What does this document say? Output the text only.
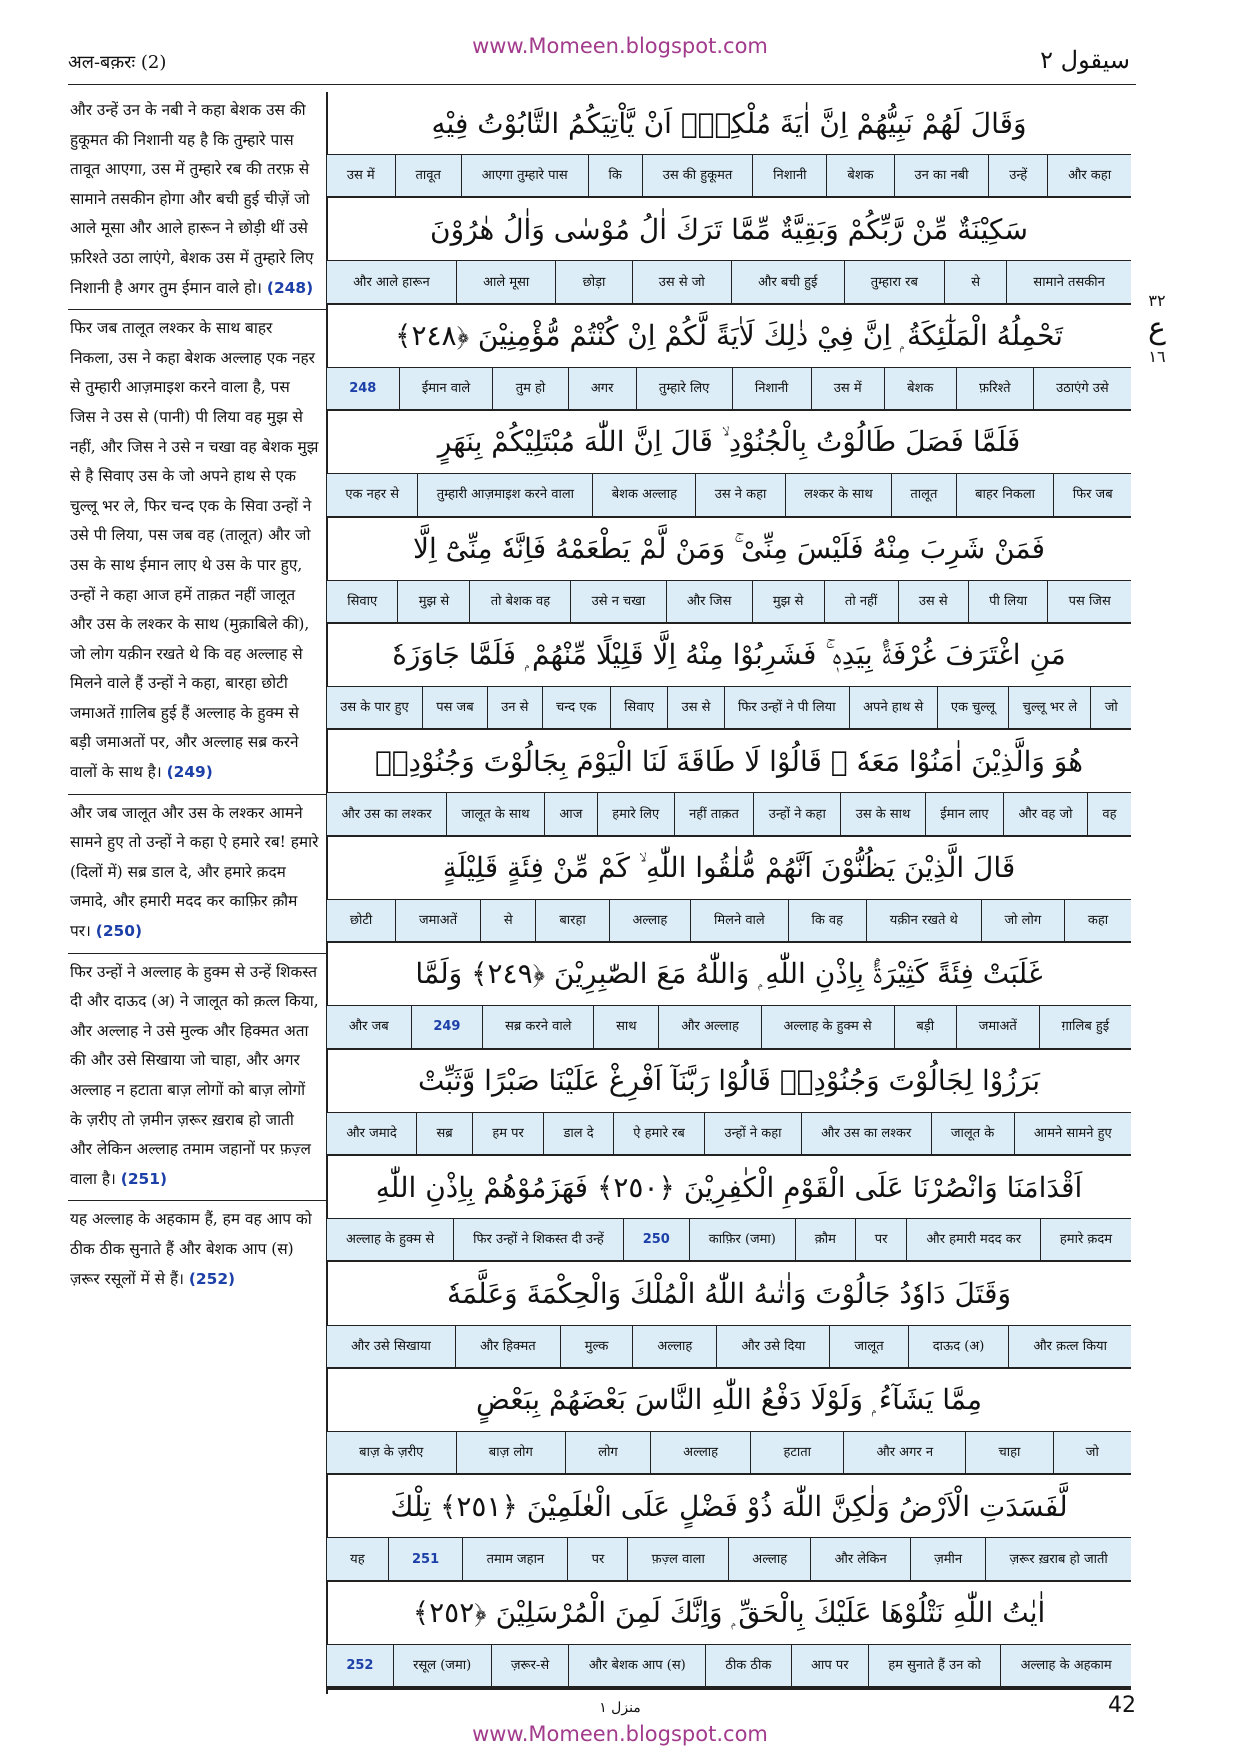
अल-बक़रः (2)
www.Momeen.blogspot.com	سیقول ۲
और उन्हें उन के नबी ने कहा बेशक उस की हुकूमत की निशानी यह है कि तुम्हारे पास तावूत आएगा, उस में तुम्हारे रब की तरफ़ से सामाने तसकीन होगा और बची हुई चीज़ें जो आले मूसा और आले हारून ने छोड़ी थीं उसे फ़रिश्ते उठा लाएंगे, बेशक उस में तुम्हारे लिए निशानी है अगर तुम ईमान वाले हो। (248)
फिर जब तालूत लश्कर के साथ बाहर निकला, उस ने कहा बेशक अल्लाह एक नहर से तुम्हारी आज़माइश करने वाला है, पस जिस ने उस से (पानी) पी लिया वह मुझ से नहीं, और जिस ने उसे न चखा वह बेशक मुझ से है सिवाए उस के जो अपने हाथ से एक चुल्लू भर ले, फिर चन्द एक के सिवा उन्हों ने उसे पी लिया, पस जब वह (तालूत) और जो उस के साथ ईमान लाए थे उस के पार हुए, उन्हों ने कहा आज हमें ताक़त नहीं जालूत और उस के लश्कर के साथ (मुक़ाबिले की), जो लोग यक़ीन रखते थे कि वह अल्लाह से मिलने वाले हैं उन्हों ने कहा, बारहा छोटी जमाअतें ग़ालिब हुई हैं अल्लाह के हुक्म से बड़ी जमाअतों पर, और अल्लाह सब्र करने वालों के साथ है। (249)
और जब जालूत और उस के लश्कर आमने सामने हुए तो उन्हों ने कहा ऐ हमारे रब! हमारे (दिलों में) सब्र डाल दे, और हमारे क़दम जमादे, और हमारी मदद कर काफ़िर क़ौम पर। (250)
फिर उन्हों ने अल्लाह के हुक्म से उन्हें शिकस्त दी और दाऊद (अ) ने जालूत को क़त्ल किया, और अल्लाह ने उसे मुल्क और हिक्मत अता की और उसे सिखाया जो चाहा, और अगर अल्लाह न हटाता बाज़ लोगों को बाज़ लोगों के ज़रीए तो ज़मीन ज़रूर ख़राब हो जाती और लेकिन अल्लाह तमाम जहानों पर फ़ज़्ल वाला है। (251)
यह अल्लाह के अहकाम हैं, हम वह आप को ठीक ठीक सुनाते हैं और बेशक आप (स) ज़रूर रसूलों में से हैं। (252)
وَقَالَ لَهُمْ نَبِيُّهُمْ اِنَّ اٰيَةَ مُلْكِهٖٓ اَنْ يَّاْتِيَكُمُ التَّابُوْتُ فِيْهِ
और कहा
उन्हें
उन का नबी
बेशक
निशानी
उस की हुकूमत
कि
आएगा तुम्हारे पास
तावूत
उस में
سَكِيْنَةٌ مِّنْ رَّبِّكُمْ وَبَقِيَّةٌ مِّمَّا تَرَكَ اٰلُ مُوْسٰى وَاٰلُ هٰرُوْنَ
सामाने तसकीन
से
तुम्हारा रब
और बची हुई
उस से जो
छोड़ा
आले मूसा
और आले हारून
تَحْمِلُهُ الْمَلٰٓئِكَةُ ۭ اِنَّ فِيْ ذٰلِكَ لَاٰيَةً لَّكُمْ اِنْ كُنْتُمْ مُّؤْمِنِيْنَ ﴿٢٤٨﴾
उठाएंगे उसे
फ़रिश्ते
बेशक
उस में
निशानी
तुम्हारे लिए
अगर
तुम हो
ईमान वाले
248
فَلَمَّا فَصَلَ طَالُوْتُ بِالْجُنُوْدِ ۙ قَالَ اِنَّ اللّٰهَ مُبْتَلِيْكُمْ بِنَهَرٍ
फिर जब
बाहर निकला
तालूत
लश्कर के साथ
उस ने कहा
बेशक अल्लाह
तुम्हारी आज़माइश करने वाला
एक नहर से
فَمَنْ شَرِبَ مِنْهُ فَلَيْسَ مِنِّىْ ۚ وَمَنْ لَّمْ يَطْعَمْهُ فَاِنَّهٗ مِنِّىْٓ اِلَّا
पस जिस
पी लिया
उस से
तो नहीं
मुझ से
और जिस
उसे न चखा
तो बेशक वह
मुझ से
सिवाए
مَنِ اغْتَرَفَ غُرْفَةًۢ بِيَدِهٖ ۚ فَشَرِبُوْا مِنْهُ اِلَّا قَلِيْلًا مِّنْهُمْ ۭ فَلَمَّا جَاوَزَهٗ
जो
चुल्लू भर ले
एक चुल्लू
अपने हाथ से
फिर उन्हों ने पी लिया
उस से
सिवाए
चन्द एक
उन से
पस जब
उस के पार हुए
هُوَ وَالَّذِيْنَ اٰمَنُوْا مَعَهٗ ۙ قَالُوْا لَا طَاقَةَ لَنَا الْيَوْمَ بِجَالُوْتَ وَجُنُوْدِهٖ
वह
और वह जो
ईमान लाए
उस के साथ
उन्हों ने कहा
नहीं ताक़त
हमारे लिए
आज
जालूत के साथ
और उस का लश्कर
قَالَ الَّذِيْنَ يَظُنُّوْنَ اَنَّهُمْ مُّلٰقُوا اللّٰهِ ۙ كَمْ مِّنْ فِئَةٍ قَلِيْلَةٍ
कहा
जो लोग
यक़ीन रखते थे
कि वह
मिलने वाले
अल्लाह
बारहा
से
जमाअतें
छोटी
غَلَبَتْ فِئَةً كَثِيْرَةًۢ بِاِذْنِ اللّٰهِ ۭ وَاللّٰهُ مَعَ الصّٰبِرِيْنَ ﴿٢٤٩﴾ وَلَمَّا
ग़ालिब हुई
जमाअतें
बड़ी
अल्लाह के हुक्म से
और अल्लाह
साथ
सब्र करने वाले
249
और जब
بَرَزُوْا لِجَالُوْتَ وَجُنُوْدِهٖ قَالُوْا رَبَّنَآ اَفْرِغْ عَلَيْنَا صَبْرًا وَّثَبِّتْ
आमने सामने हुए
जालूत के
और उस का लश्कर
उन्हों ने कहा
ऐ हमारे रब
डाल दे
हम पर
सब्र
और जमादे
اَقْدَامَنَا وَانْصُرْنَا عَلَى الْقَوْمِ الْكٰفِرِيْنَ ﴿٢٥٠﴾ فَهَزَمُوْهُمْ بِاِذْنِ اللّٰهِ
हमारे क़दम
और हमारी मदद कर
पर
क़ौम
काफ़िर (जमा)
250
फिर उन्हों ने शिकस्त दी उन्हें
अल्लाह के हुक्म से
وَقَتَلَ دَاوٗدُ جَالُوْتَ وَاٰتٰىهُ اللّٰهُ الْمُلْكَ وَالْحِكْمَةَ وَعَلَّمَهٗ
और क़त्ल किया
दाऊद (अ)
जालूत
और उसे दिया
अल्लाह
मुल्क
और हिक्मत
और उसे सिखाया
مِمَّا يَشَآءُ ۭ وَلَوْلَا دَفْعُ اللّٰهِ النَّاسَ بَعْضَهُمْ بِبَعْضٍ
जो
चाहा
और अगर न
हटाता
अल्लाह
लोग
बाज़ लोग
बाज़ के ज़रीए
لَّفَسَدَتِ الْاَرْضُ وَلٰكِنَّ اللّٰهَ ذُوْ فَضْلٍ عَلَى الْعٰلَمِيْنَ ﴿٢٥١﴾ تِلْكَ
ज़रूर ख़राब हो जाती
ज़मीन
और लेकिन
अल्लाह
फ़ज़्ल वाला
पर
तमाम जहान
251
यह
اٰيٰتُ اللّٰهِ نَتْلُوْهَا عَلَيْكَ بِالْحَقِّ ۭ وَاِنَّكَ لَمِنَ الْمُرْسَلِيْنَ ﴿٢٥٢﴾
अल्लाह के अहकाम
हम सुनाते हैं उन को
आप पर
ठीक ठीक
और बेशक आप (स)
ज़रूर-से
रसूल (जमा)
252
٣٢
ع
١٦
منزل ١	42
www.Momeen.blogspot.com
